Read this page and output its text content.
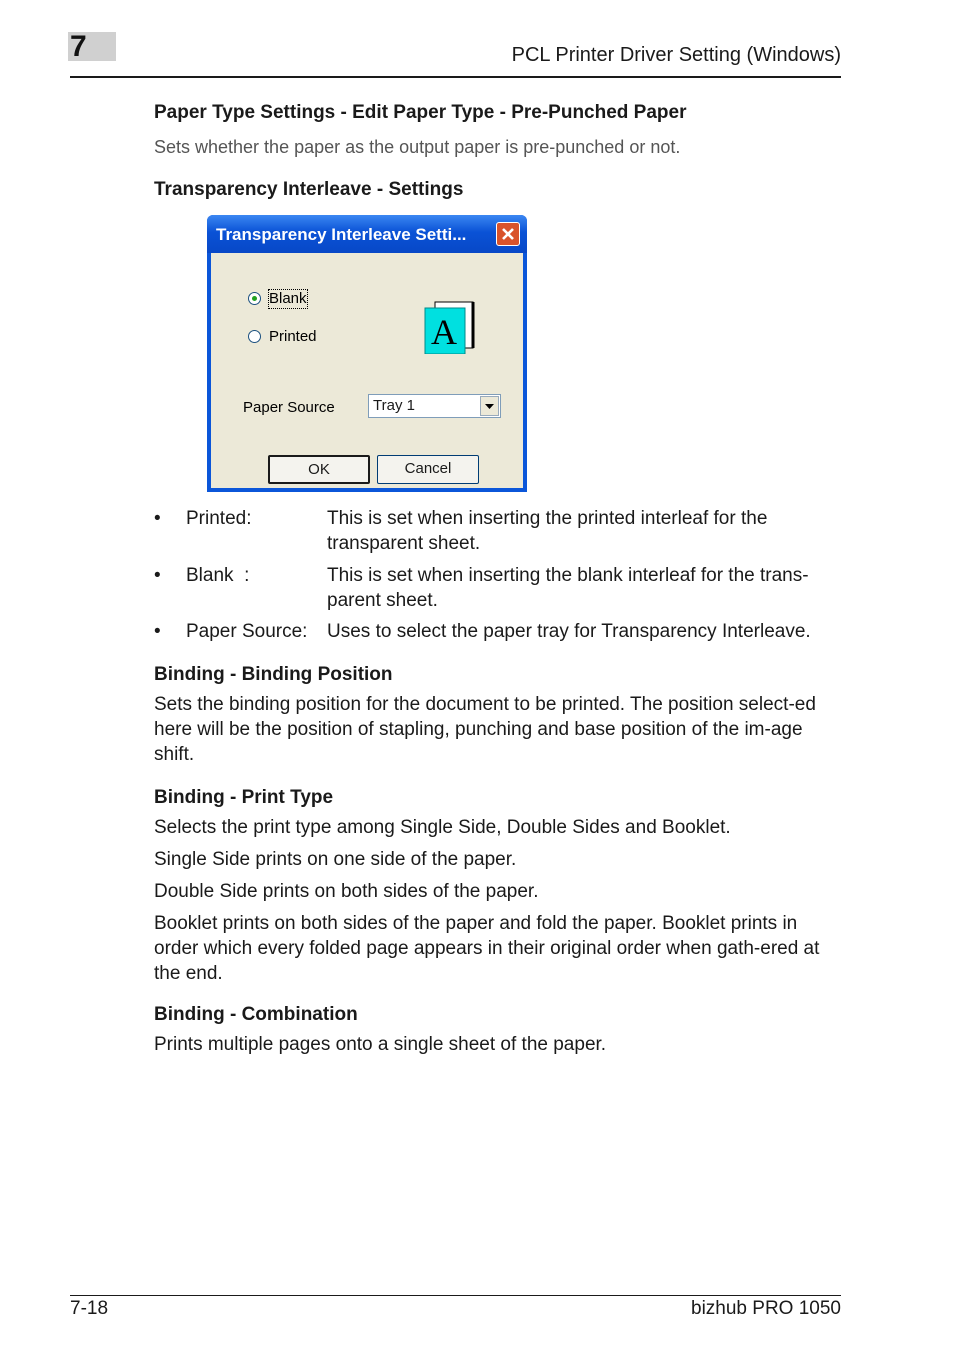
7	PCL Printer Driver Setting (Windows)
Paper Type Settings - Edit Paper Type - Pre-Punched Paper

Sets whether the paper as the output paper is pre-punched or not.

Transparency Interleave - Settings
Transparency Interleave Setti...
Blank
Printed	A
Paper Source	Tray 1
OK	Cancel
• Printed:	This is set when inserting the printed interleaf for the
transparent sheet.
• Blank  :	This is set when inserting the blank interleaf for the trans-
parent sheet.
• Paper Source: Uses to select the paper tray for Transparency Interleave.
Binding - Binding Position

Sets the binding position for the document to be printed. The position select-ed here will be the position of stapling, punching and base position of the im-age shift.

Binding - Print Type

Selects the print type among Single Side, Double Sides and Booklet.

Single Side prints on one side of the paper.

Double Side prints on both sides of the paper.

Booklet prints on both sides of the paper and fold the paper. Booklet prints in order which every folded page appears in their original order when gath-ered at the end.

Binding - Combination

Prints multiple pages onto a single sheet of the paper.

7-18	bizhub PRO 1050
